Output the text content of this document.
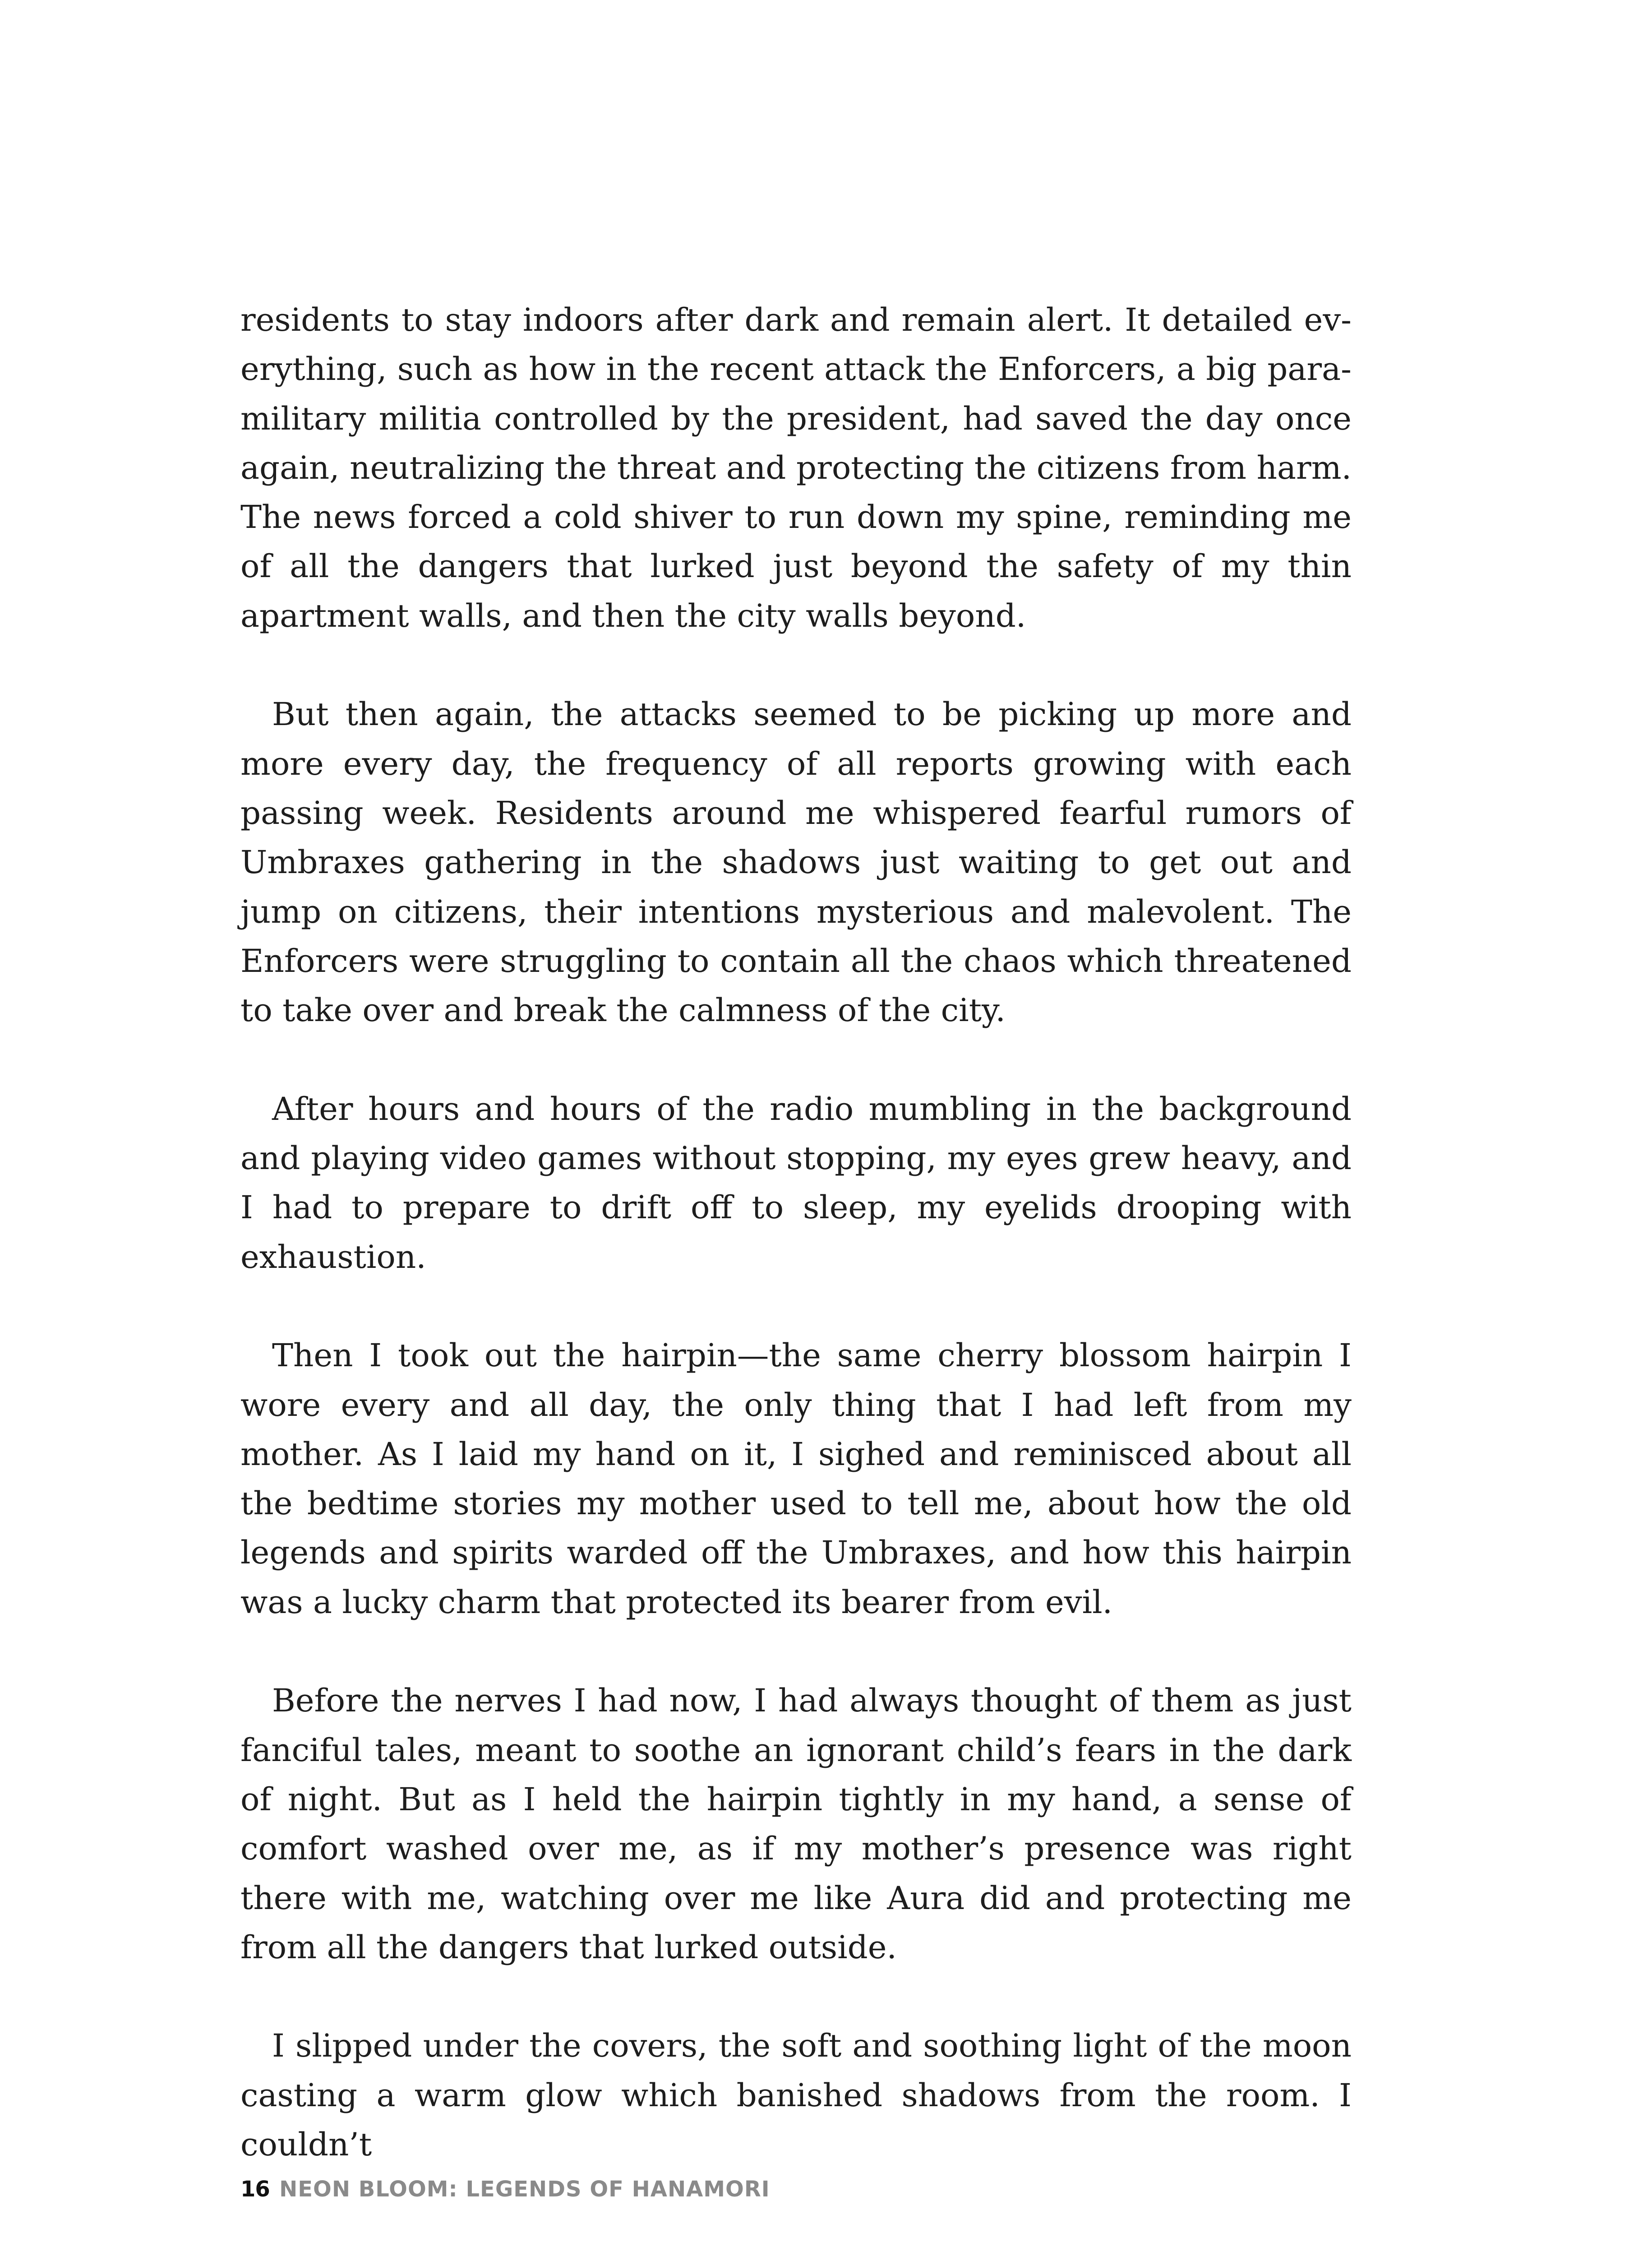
residents to stay indoors after dark and remain alert. It detailed everything, such as how in the recent attack the Enforcers, a big paramilitary militia controlled by the president, had saved the day once again, neutralizing the threat and protecting the citizens from harm. The news forced a cold shiver to run down my spine, reminding me of all the dangers that lurked just beyond the safety of my thin apartment walls, and then the city walls beyond.

But then again, the attacks seemed to be picking up more and more every day, the frequency of all reports growing with each passing week. Residents around me whispered fearful rumors of Umbraxes gathering in the shadows just waiting to get out and jump on citizens, their intentions mysterious and malevolent. The Enforcers were struggling to contain all the chaos which threatened to take over and break the calmness of the city.

After hours and hours of the radio mumbling in the background and playing video games without stopping, my eyes grew heavy, and I had to prepare to drift off to sleep, my eyelids drooping with exhaustion.

Then I took out the hairpin—the same cherry blossom hairpin I wore every and all day, the only thing that I had left from my mother. As I laid my hand on it, I sighed and reminisced about all the bedtime stories my mother used to tell me, about how the old legends and spirits warded off the Umbraxes, and how this hairpin was a lucky charm that protected its bearer from evil.

Before the nerves I had now, I had always thought of them as just fanciful tales, meant to soothe an ignorant child’s fears in the dark of night. But as I held the hairpin tightly in my hand, a sense of comfort washed over me, as if my mother’s presence was right there with me, watching over me like Aura did and protecting me from all the dangers that lurked outside.

I slipped under the covers, the soft and soothing light of the moon casting a warm glow which banished shadows from the room. I couldn’t

16 NEON BLOOM: LEGENDS OF HANAMORI
